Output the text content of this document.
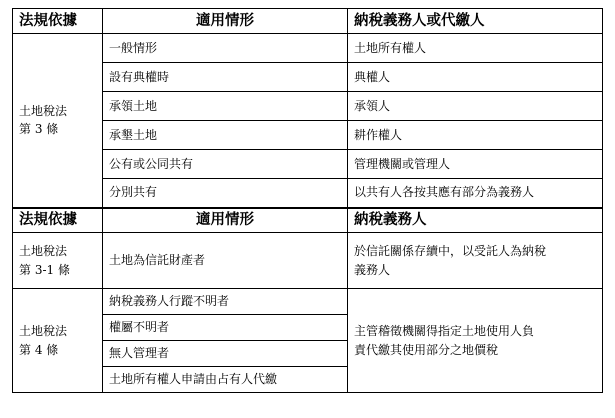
法規依據	適用情形	納稅義務人或代繳人

土地稅法
第 3 條	一般情形	土地所有權人
	設有典權時	典權人
	承領土地	承領人
	承墾土地	耕作權人
	公有或公同共有	管理機關或管理人
	分別共有	以共有人各按其應有部分為義務人
法規依據	適用情形	納稅義務人

土地稅法
第 3-1 條	土地為信託財產者	於信託關係存續中，以受託人為納稅
義務人

土地稅法
第 4 條	納稅義務人行蹤不明者	主管稽徵機關得指定土地使用人負
責代繳其使用部分之地價稅

	權屬不明者	
	無人管理者	
	土地所有權人申請由占有人代繳	
